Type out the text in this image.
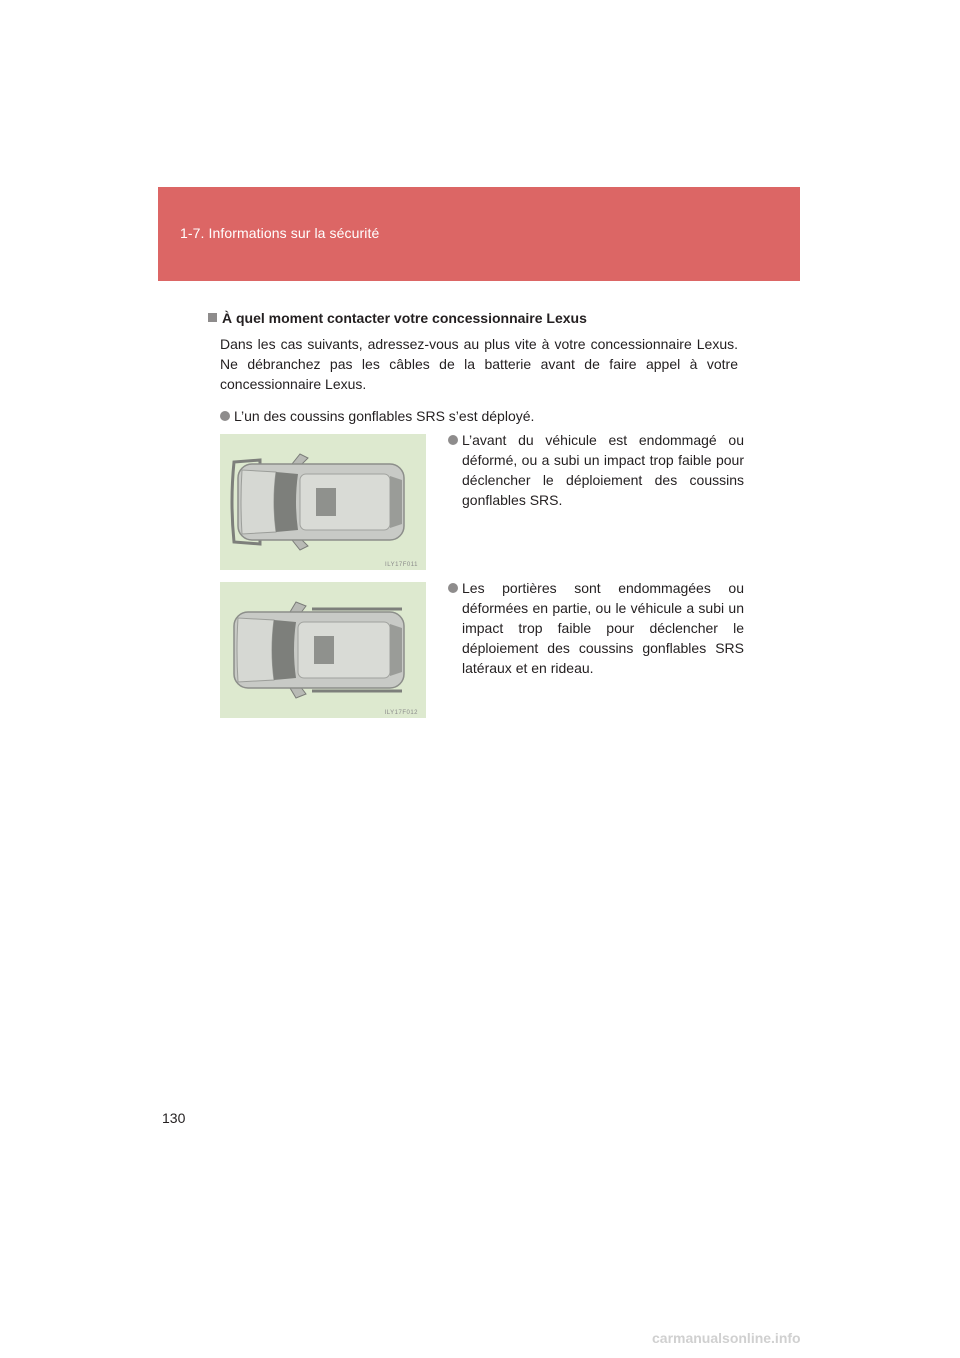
1-7. Informations sur la sécurité
À quel moment contacter votre concessionnaire Lexus
Dans les cas suivants, adressez-vous au plus vite à votre concessionnaire Lexus. Ne débranchez pas les câbles de la batterie avant de faire appel à votre concessionnaire Lexus.
L’un des coussins gonflables SRS s’est déployé.
ILY17F011
L’avant du véhicule est endommagé ou déformé, ou a subi un impact trop faible pour déclencher le déploiement des coussins gonflables SRS.
ILY17F012
Les portières sont endommagées ou déformées en partie, ou le véhicule a subi un impact trop faible pour déclencher le déploiement des coussins gonflables SRS latéraux et en rideau.
130
carmanualsonline.info
